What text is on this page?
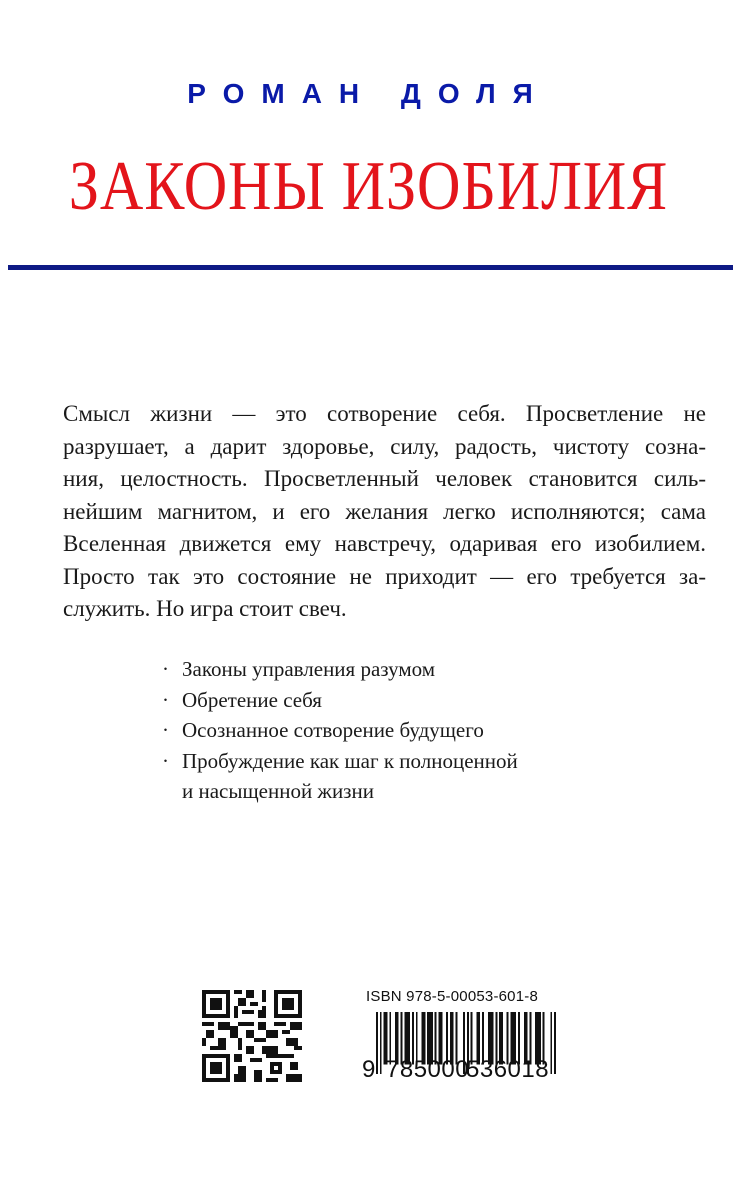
РОМАН ДОЛЯ
ЗАКОНЫ ИЗОБИЛИЯ
Смысл жизни — это сотворение себя. Просветление не
разрушает, а дарит здоровье, силу, радость, чистоту созна-
ния, целостность. Просветленный человек становится силь-
нейшим магнитом, и его желания легко исполняются; сама
Вселенная движется ему навстречу, одаривая его изобилием.
Просто так это состояние не приходит — его требуется за-
служить. Но игра стоит свеч.
· Законы управления разумом
· Обретение себя
· Осознанное сотворение будущего
· Пробуждение как шаг к полноценной
и насыщенной жизни
ISBN 978-5-00053-601-8
9 785000
536018
